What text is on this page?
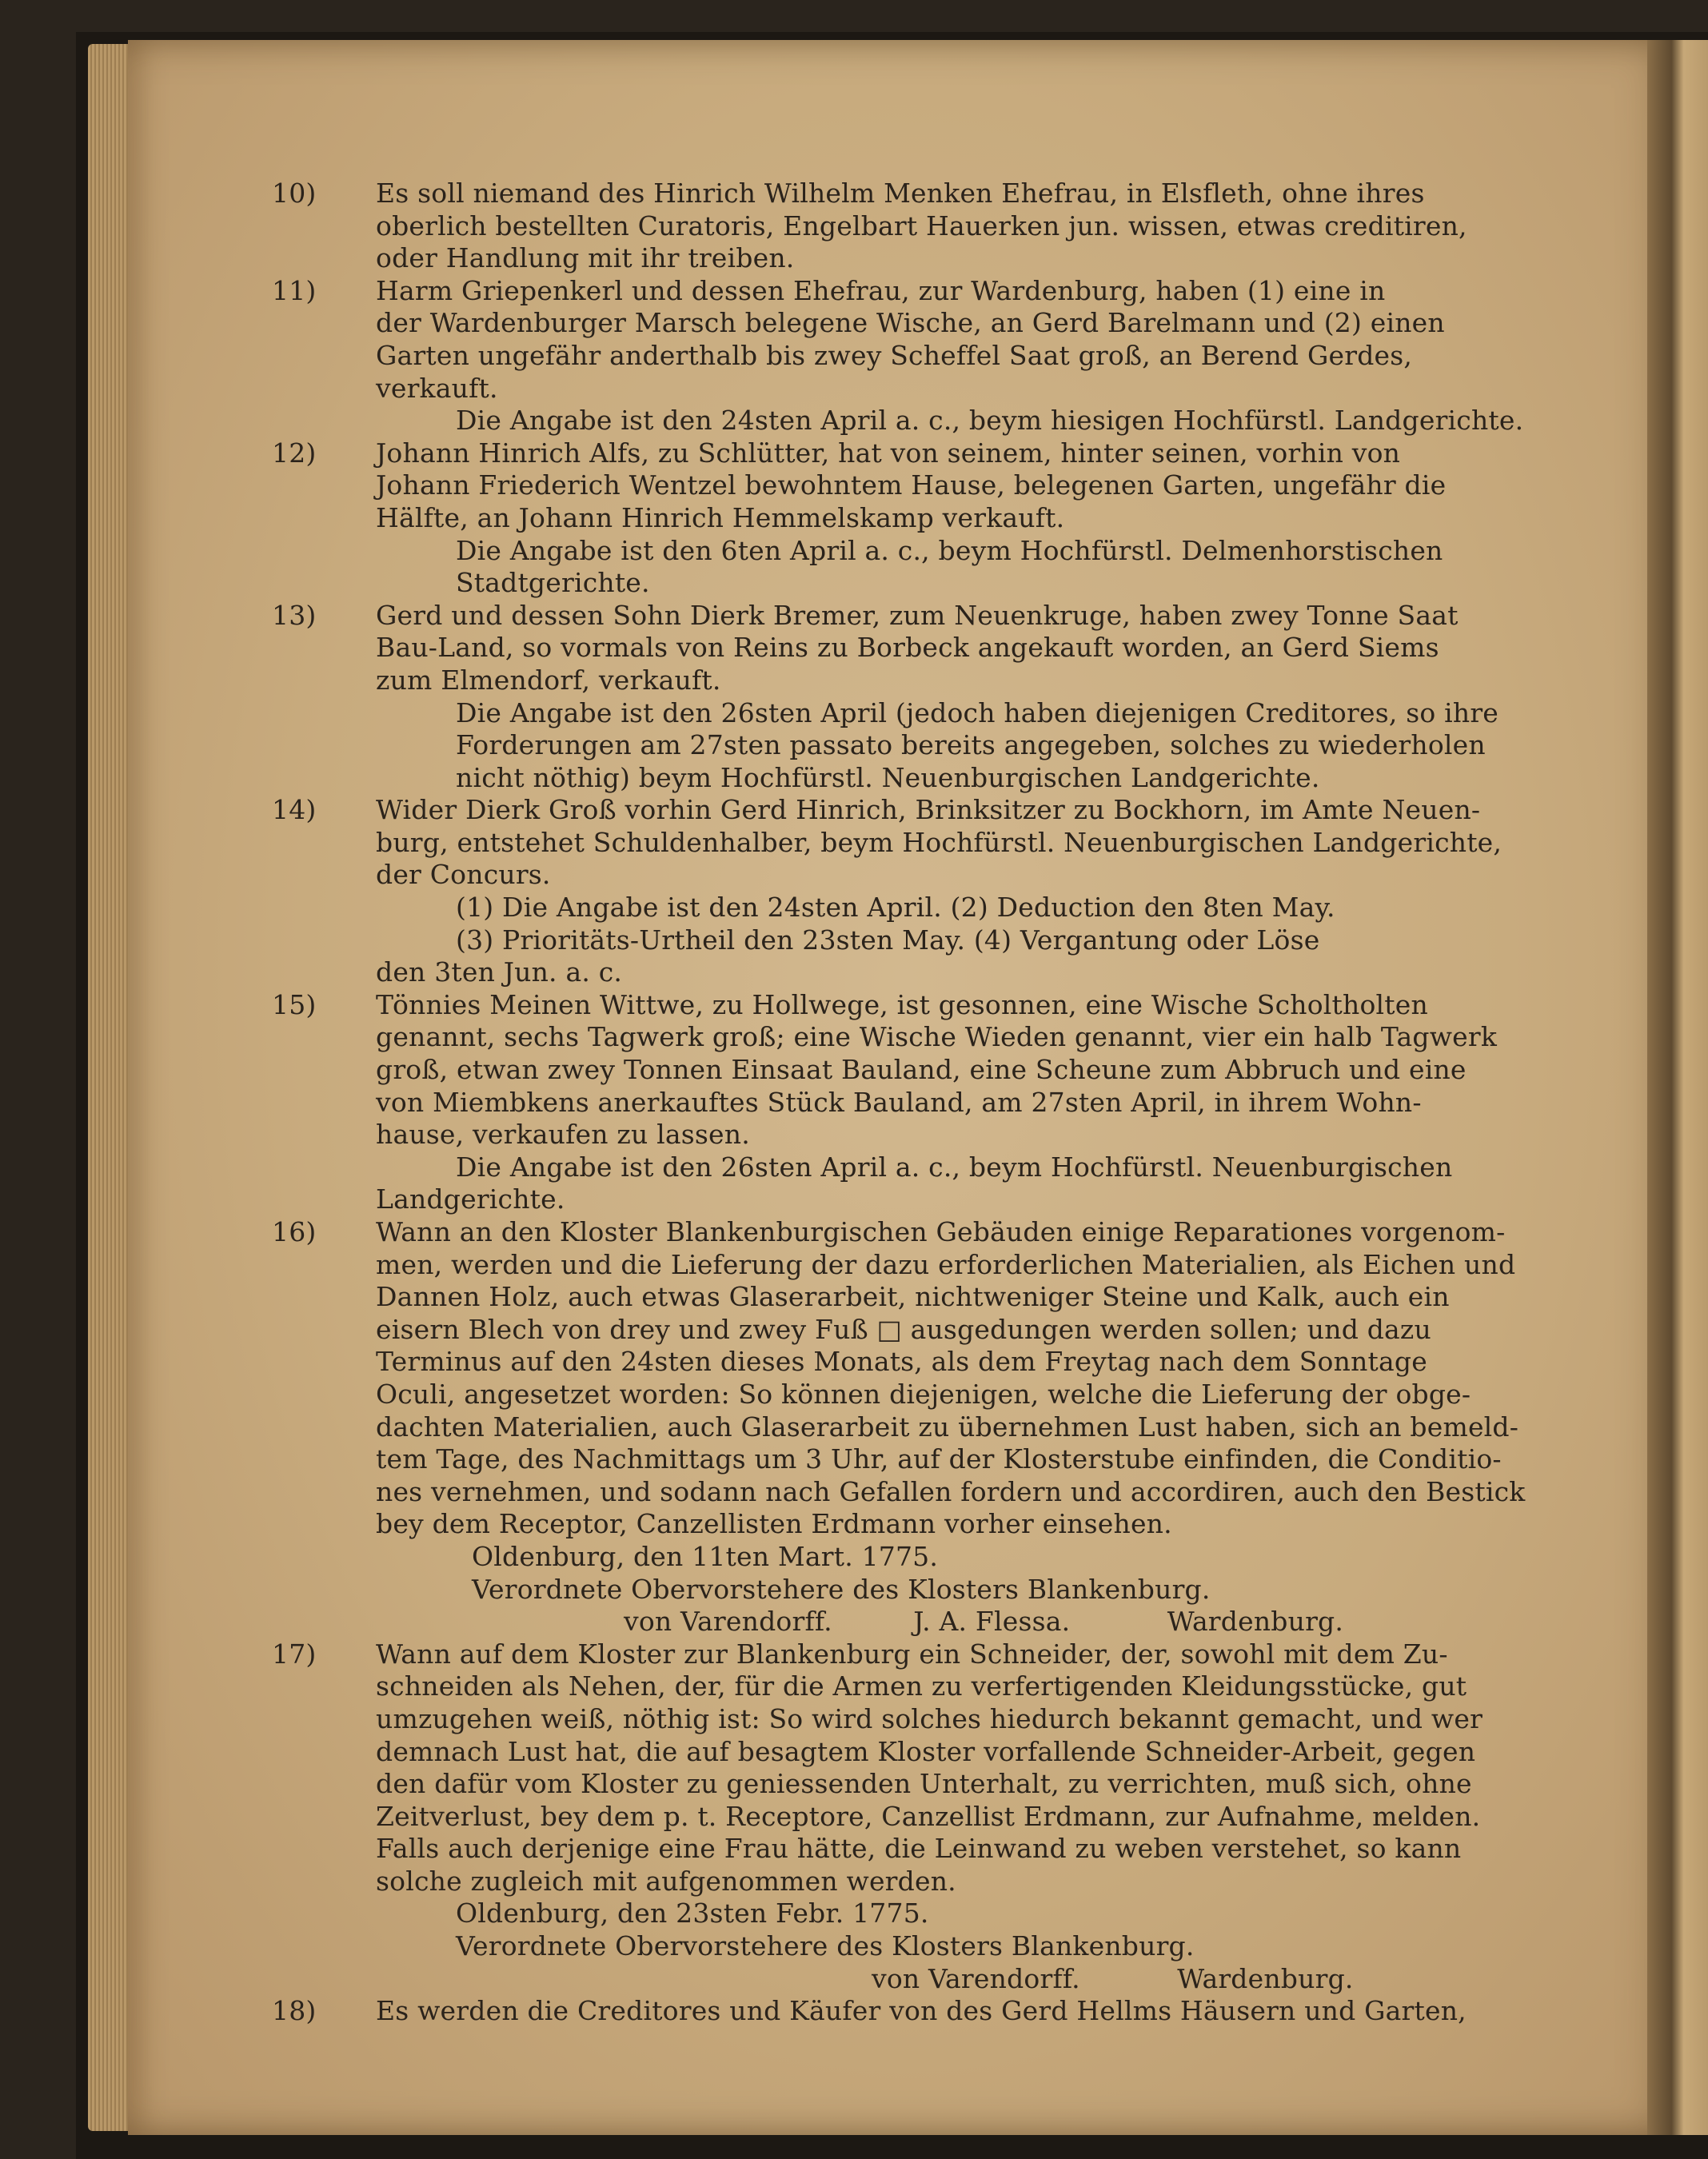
10)	Es soll niemand des Hinrich Wilhelm Menken Ehefrau, in Elsfleth, ohne ihres
oberlich bestellten Curatoris, Engelbart Hauerken jun. wissen, etwas creditiren,
oder Handlung mit ihr treiben.
11)	Harm Griepenkerl und dessen Ehefrau, zur Wardenburg, haben (1) eine in
der Wardenburger Marsch belegene Wische, an Gerd Barelmann und (2) einen
Garten ungefähr anderthalb bis zwey Scheffel Saat groß, an Berend Gerdes,
verkauft.
Die Angabe ist den 24sten April a. c., beym hiesigen Hochfürstl. Landgerichte.
12)	Johann Hinrich Alfs, zu Schlütter, hat von seinem, hinter seinen, vorhin von
Johann Friederich Wentzel bewohntem Hause, belegenen Garten, ungefähr die
Hälfte, an Johann Hinrich Hemmelskamp verkauft.
Die Angabe ist den 6ten April a. c., beym Hochfürstl. Delmenhorstischen
Stadtgerichte.
13)	Gerd und dessen Sohn Dierk Bremer, zum Neuenkruge, haben zwey Tonne Saat
Bau-Land, so vormals von Reins zu Borbeck angekauft worden, an Gerd Siems
zum Elmendorf, verkauft.
Die Angabe ist den 26sten April (jedoch haben diejenigen Creditores, so ihre
Forderungen am 27sten passato bereits angegeben, solches zu wiederholen
nicht nöthig) beym Hochfürstl. Neuenburgischen Landgerichte.
14)	Wider Dierk Groß vorhin Gerd Hinrich, Brinksitzer zu Bockhorn, im Amte Neuen-
burg, entstehet Schuldenhalber, beym Hochfürstl. Neuenburgischen Landgerichte,
der Concurs.
(1) Die Angabe ist den 24sten April. (2) Deduction den 8ten May.
(3) Prioritäts-Urtheil den 23sten May. (4) Vergantung oder Löse
den 3ten Jun. a. c.
15)	Tönnies Meinen Wittwe, zu Hollwege, ist gesonnen, eine Wische Scholtholten
genannt, sechs Tagwerk groß; eine Wische Wieden genannt, vier ein halb Tagwerk
groß, etwan zwey Tonnen Einsaat Bauland, eine Scheune zum Abbruch und eine
von Miembkens anerkauftes Stück Bauland, am 27sten April, in ihrem Wohn-
hause, verkaufen zu lassen.
Die Angabe ist den 26sten April a. c., beym Hochfürstl. Neuenburgischen
Landgerichte.
16)	Wann an den Kloster Blankenburgischen Gebäuden einige Reparationes vorgenom-
men, werden und die Lieferung der dazu erforderlichen Materialien, als Eichen und
Dannen Holz, auch etwas Glaserarbeit, nichtweniger Steine und Kalk, auch ein
eisern Blech von drey und zwey Fuß □ ausgedungen werden sollen; und dazu
Terminus auf den 24sten dieses Monats, als dem Freytag nach dem Sonntage
Oculi, angesetzet worden: So können diejenigen, welche die Lieferung der obge-
dachten Materialien, auch Glaserarbeit zu übernehmen Lust haben, sich an bemeld-
tem Tage, des Nachmittags um 3 Uhr, auf der Klosterstube einfinden, die Conditio-
nes vernehmen, und sodann nach Gefallen fordern und accordiren, auch den Bestick
bey dem Receptor, Canzellisten Erdmann vorher einsehen.
Oldenburg, den 11ten Mart. 1775.
Verordnete Obervorstehere des Klosters Blankenburg.
von Varendorff.	J. A. Flessa.	Wardenburg.
17)	Wann auf dem Kloster zur Blankenburg ein Schneider, der, sowohl mit dem Zu-
schneiden als Nehen, der, für die Armen zu verfertigenden Kleidungsstücke, gut
umzugehen weiß, nöthig ist: So wird solches hiedurch bekannt gemacht, und wer
demnach Lust hat, die auf besagtem Kloster vorfallende Schneider-Arbeit, gegen
den dafür vom Kloster zu geniessenden Unterhalt, zu verrichten, muß sich, ohne
Zeitverlust, bey dem p. t. Receptore, Canzellist Erdmann, zur Aufnahme, melden.
Falls auch derjenige eine Frau hätte, die Leinwand zu weben verstehet, so kann
solche zugleich mit aufgenommen werden.
Oldenburg, den 23sten Febr. 1775.
Verordnete Obervorstehere des Klosters Blankenburg.
von Varendorff.	Wardenburg.
18)	Es werden die Creditores und Käufer von des Gerd Hellms Häusern und Garten,
